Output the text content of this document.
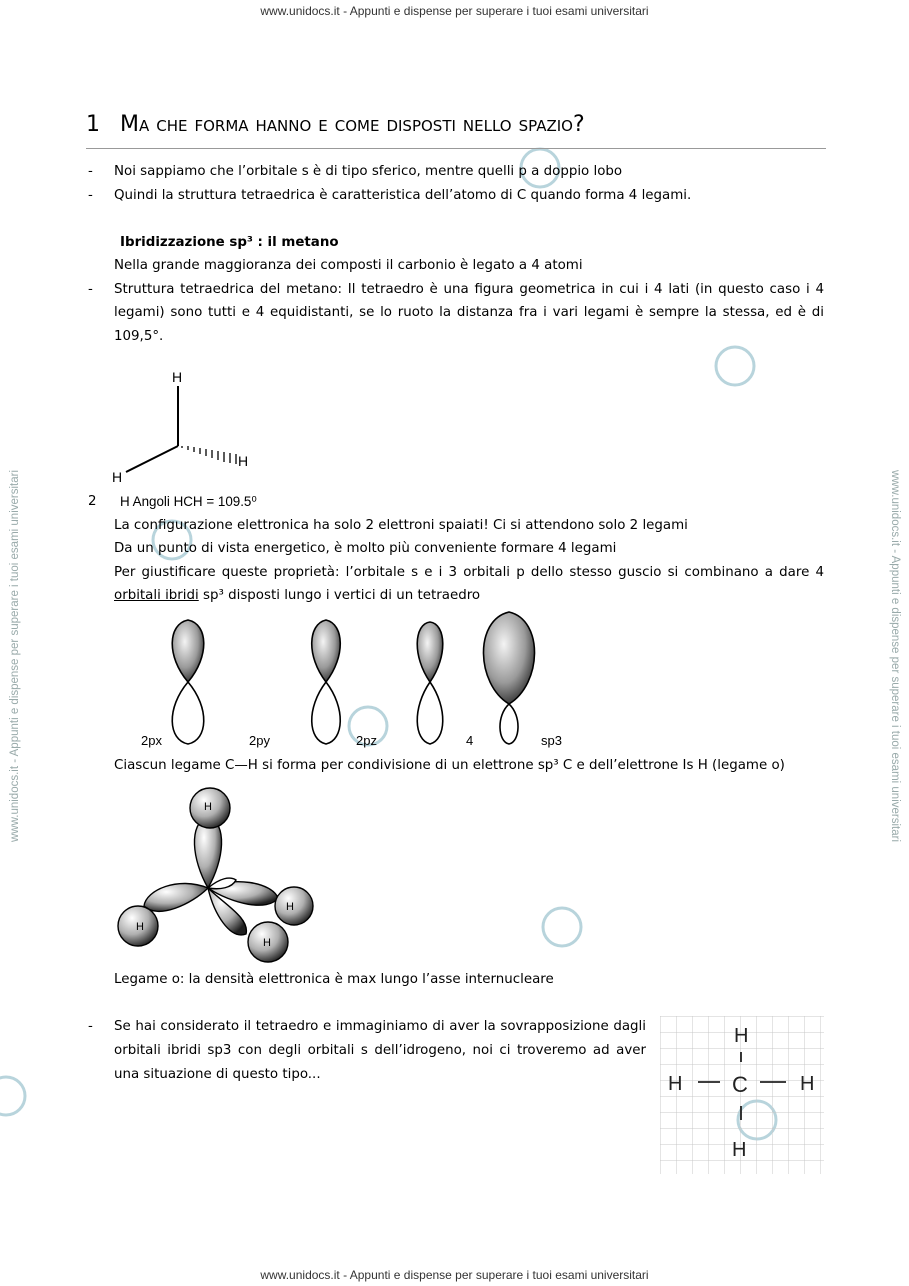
www.unidocs.it - Appunti e dispense per superare i tuoi esami universitari
www.unidocs.it - Appunti e dispense per superare i tuoi esami universitari
www.unidocs.it - Appunti e dispense per superare i tuoi esami universitari	www.unidocs.it - Appunti e dispense per superare i tuoi esami universitari
1 Ma che forma hanno e come disposti nello spazio?
-	Noi sappiamo che l’orbitale s è di tipo sferico, mentre quelli p a doppio lobo
-	Quindi la struttura tetraedrica è caratteristica dell’atomo di C quando forma 4 legami.
Ibridizzazione sp³ : il metano
Nella grande maggioranza dei composti il carbonio è legato a 4 atomi
-	Struttura tetraedrica del metano: Il tetraedro è una figura geometrica in cui i 4 lati (in questo caso i 4
legami) sono tutti e 4 equidistanti, se lo ruoto la distanza fra i vari legami è sempre la stessa, ed è di
109,5°.
H
H
H
2 H Angoli HCH = 109.5⁰
La configurazione elettronica ha solo 2 elettroni spaiati! Ci si attendono solo 2 legami
Da un punto di vista energetico, è molto più conveniente formare 4 legami
Per giustificare queste proprietà: l’orbitale s e i 3 orbitali p dello stesso guscio si combinano a dare 4
orbitali ibridi sp³ disposti lungo i vertici di un tetraedro
2px	2py	2pz	4	sp3
Ciascun legame C—H si forma per condivisione di un elettrone sp³ C e dell’elettrone Is H (legame o)
H
H
H
H
Legame o: la densità elettronica è max lungo l’asse internucleare
-	Se hai considerato il tetraedro e immaginiamo di aver la sovrapposizione dagli
orbitali ibridi sp3 con degli orbitali s dell’idrogeno, noi ci troveremo ad aver
una situazione di questo tipo...
H
H C	H
H
